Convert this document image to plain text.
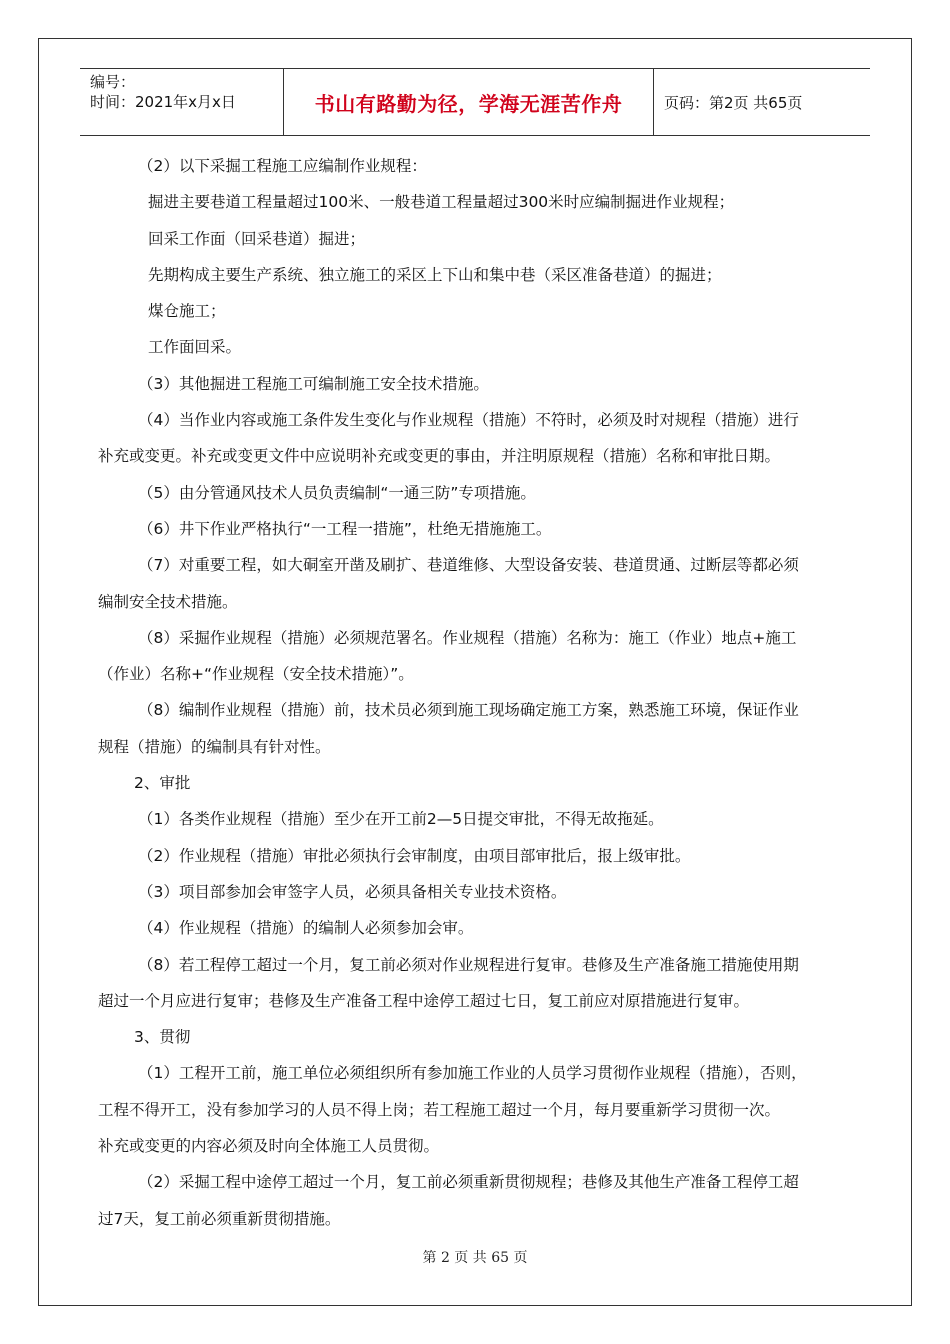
编号：
时间：2021年x月x日	书山有路勤为径，学海无涯苦作舟	页码：第2页 共65页
（2）以下采掘工程施工应编制作业规程：
掘进主要巷道工程量超过100米、一般巷道工程量超过300米时应编制掘进作业规程；
回采工作面（回采巷道）掘进；
先期构成主要生产系统、独立施工的采区上下山和集中巷（采区准备巷道）的掘进；
煤仓施工；
工作面回采。
（3）其他掘进工程施工可编制施工安全技术措施。
（4）当作业内容或施工条件发生变化与作业规程（措施）不符时，必须及时对规程（措施）进行
补充或变更。补充或变更文件中应说明补充或变更的事由，并注明原规程（措施）名称和审批日期。
（5）由分管通风技术人员负责编制“一通三防”专项措施。
（6）井下作业严格执行“一工程一措施”，杜绝无措施施工。
（7）对重要工程，如大硐室开凿及刷扩、巷道维修、大型设备安装、巷道贯通、过断层等都必须
编制安全技术措施。
（8）采掘作业规程（措施）必须规范署名。作业规程（措施）名称为：施工（作业）地点+施工
（作业）名称+“作业规程（安全技术措施）”。
（8）编制作业规程（措施）前，技术员必须到施工现场确定施工方案，熟悉施工环境，保证作业
规程（措施）的编制具有针对性。
2、审批
（1）各类作业规程（措施）至少在开工前2—5日提交审批，不得无故拖延。
（2）作业规程（措施）审批必须执行会审制度，由项目部审批后，报上级审批。
（3）项目部参加会审签字人员，必须具备相关专业技术资格。
（4）作业规程（措施）的编制人必须参加会审。
（8）若工程停工超过一个月，复工前必须对作业规程进行复审。巷修及生产准备施工措施使用期
超过一个月应进行复审；巷修及生产准备工程中途停工超过七日，复工前应对原措施进行复审。
3、贯彻
（1）工程开工前，施工单位必须组织所有参加施工作业的人员学习贯彻作业规程（措施），否则，
工程不得开工，没有参加学习的人员不得上岗；若工程施工超过一个月，每月要重新学习贯彻一次。
补充或变更的内容必须及时向全体施工人员贯彻。
（2）采掘工程中途停工超过一个月，复工前必须重新贯彻规程；巷修及其他生产准备工程停工超
过7天，复工前必须重新贯彻措施。
第 2 页 共 65 页
